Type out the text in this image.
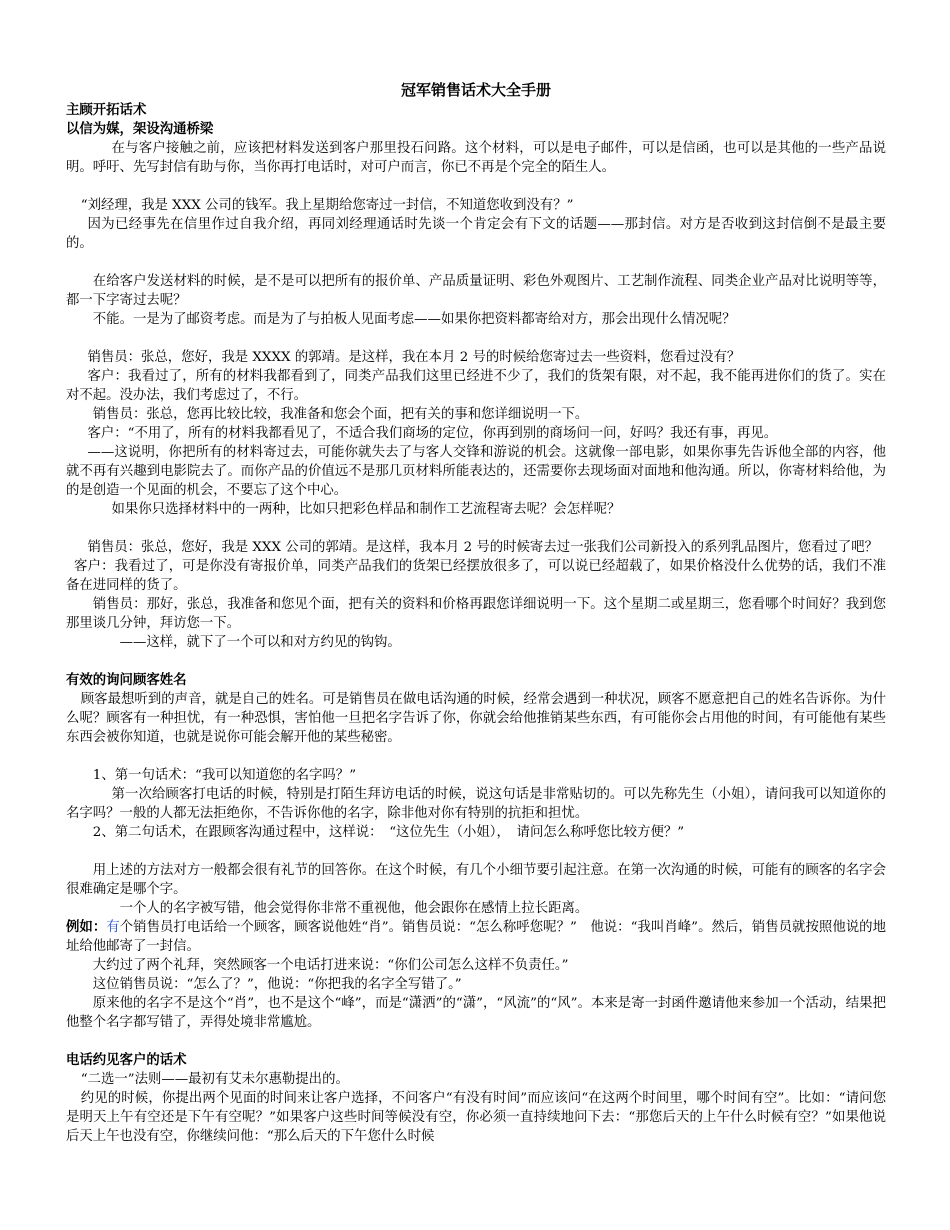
冠军销售话术大全手册

主顾开拓话术

以信为媒，架设沟通桥梁

在与客户接触之前，应该把材料发送到客户那里投石问路。这个材料，可以是电子邮件，可以是信函，也可以是其他的一些产品说明。呼吁、先写封信有助与你，当你再打电话时，对可户而言，你已不再是个完全的陌生人。

“刘经理，我是 XXX 公司的钱军。我上星期给您寄过一封信，不知道您收到没有？”

因为已经事先在信里作过自我介绍，再同刘经理通话时先谈一个肯定会有下文的话题——那封信。对方是否收到这封信倒不是最主要的。

在给客户发送材料的时候，是不是可以把所有的报价单、产品质量证明、彩色外观图片、工艺制作流程、同类企业产品对比说明等等，都一下字寄过去呢？

不能。一是为了邮资考虑。而是为了与拍板人见面考虑——如果你把资料都寄给对方，那会出现什么情况呢？

销售员：张总，您好，我是 XXXX 的郭靖。是这样，我在本月 2 号的时候给您寄过去一些资料，您看过没有？

客户：我看过了，所有的材料我都看到了，同类产品我们这里已经进不少了，我们的货架有限，对不起，我不能再进你们的货了。实在对不起。没办法，我们考虑过了，不行。

销售员：张总，您再比较比较，我准备和您会个面，把有关的事和您详细说明一下。

客户：“不用了，所有的材料我都看见了，不适合我们商场的定位，你再到别的商场问一问，好吗？我还有事，再见。

——这说明，你把所有的材料寄过去，可能你就失去了与客人交锋和游说的机会。这就像一部电影，如果你事先告诉他全部的内容，他就不再有兴趣到电影院去了。而你产品的价值远不是那几页材料所能表达的，还需要你去现场面对面地和他沟通。所以，你寄材料给他，为的是创造一个见面的机会，不要忘了这个中心。

如果你只选择材料中的一两种，比如只把彩色样品和制作工艺流程寄去呢？会怎样呢？

销售员：张总，您好，我是 XXX 公司的郭靖。是这样，我本月 2 号的时候寄去过一张我们公司新投入的系列乳品图片，您看过了吧？

客户：我看过了，可是你没有寄报价单，同类产品我们的货架已经摆放很多了，可以说已经超载了，如果价格没什么优势的话，我们不准备在进同样的货了。

销售员：那好，张总，我准备和您见个面，把有关的资料和价格再跟您详细说明一下。这个星期二或星期三，您看哪个时间好？我到您那里谈几分钟，拜访您一下。

——这样，就下了一个可以和对方约见的钩钩。

有效的询问顾客姓名

顾客最想听到的声音，就是自己的姓名。可是销售员在做电话沟通的时候，经常会遇到一种状况，顾客不愿意把自己的姓名告诉你。为什么呢？顾客有一种担忧，有一种恐惧，害怕他一旦把名字告诉了你，你就会给他推销某些东西，有可能你会占用他的时间，有可能他有某些东西会被你知道，也就是说你可能会解开他的某些秘密。

1、第一句话术：“我可以知道您的名字吗？”

第一次给顾客打电话的时候，特别是打陌生拜访电话的时候，说这句话是非常贴切的。可以先称先生（小姐），请问我可以知道你的名字吗？一般的人都无法拒绝你，不告诉你他的名字，除非他对你有特别的抗拒和担忧。

2、第二句话术，在跟顾客沟通过程中，这样说：　“这位先生（小姐），　请问怎么称呼您比较方便？”

用上述的方法对方一般都会很有礼节的回答你。在这个时候，有几个小细节要引起注意。在第一次沟通的时候，可能有的顾客的名字会很难确定是哪个字。

一个人的名字被写错，他会觉得你非常不重视他，他会跟你在感情上拉长距离。

例如：有个销售员打电话给一个顾客，顾客说他姓“肖”。销售员说：“怎么称呼您呢？”　他说：“我叫肖峰”。然后，销售员就按照他说的地址给他邮寄了一封信。

大约过了两个礼拜，突然顾客一个电话打进来说：“你们公司怎么这样不负责任。”

这位销售员说：“怎么了？”，他说：“你把我的名字全写错了。”

原来他的名字不是这个“肖”，也不是这个“峰”，而是“潇洒”的“潇”，“风流”的“风”。本来是寄一封函件邀请他来参加一个活动，结果把他整个名字都写错了，弄得处境非常尴尬。

电话约见客户的话术

“二选一”法则——最初有艾未尔惠勒提出的。

约见的时候，你提出两个见面的时间来让客户选择，不问客户“有没有时间”而应该问“在这两个时间里，哪个时间有空”。比如：“请问您是明天上午有空还是下午有空呢？”如果客户这些时间等候没有空，你必须一直持续地问下去：“那您后天的上午什么时候有空？”如果他说后天上午也没有空，你继续问他：“那么后天的下午您什么时候
